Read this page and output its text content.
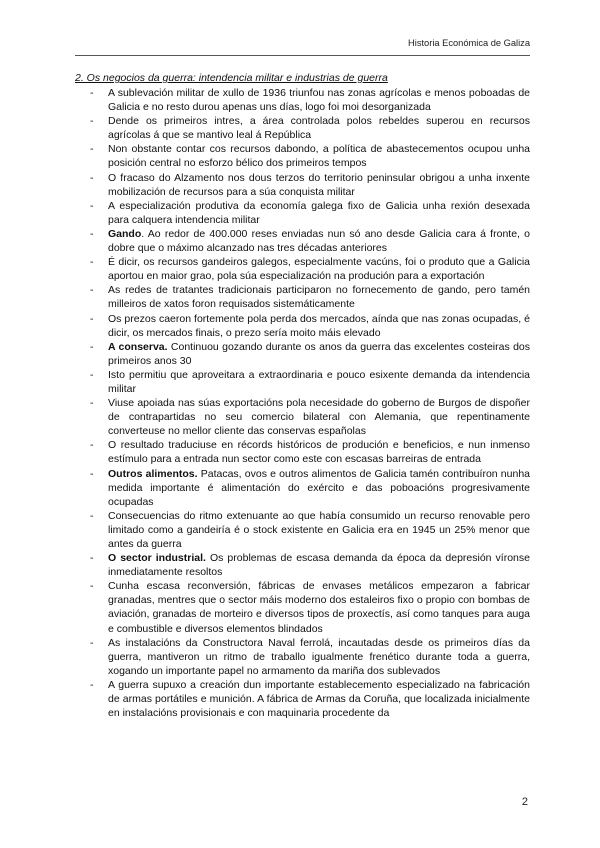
Historia Económica de Galiza
2. Os negocios da guerra: intendencia militar e industrias de guerra
- A sublevación militar de xullo de 1936 triunfou nas zonas agrícolas e menos poboadas de Galicia e no resto durou apenas uns días, logo foi moi desorganizada
- Dende os primeiros intres, a área controlada polos rebeldes superou en recursos agrícolas á que se mantivo leal á República
- Non obstante contar cos recursos dabondo, a política de abastecementos ocupou unha posición central no esforzo bélico dos primeiros tempos
- O fracaso do Alzamento nos dous terzos do territorio peninsular obrigou a unha inxente mobilización de recursos para a súa conquista militar
- A especialización produtiva da economía galega fixo de Galicia unha rexión desexada para calquera intendencia militar
- Gando. Ao redor de 400.000 reses enviadas nun só ano desde Galicia cara á fronte, o dobre que o máximo alcanzado nas tres décadas anteriores
- É dicir, os recursos gandeiros galegos, especialmente vacúns, foi o produto que a Galicia aportou en maior grao, pola súa especialización na produción para a exportación
- As redes de tratantes tradicionais participaron no fornecemento de gando, pero tamén milleiros de xatos foron requisados sistemáticamente
- Os prezos caeron fortemente pola perda dos mercados, aínda que nas zonas ocupadas, é dicir, os mercados finais, o prezo sería moito máis elevado
- A conserva. Continuou gozando durante os anos da guerra das excelentes costeiras dos primeiros anos 30
- Isto permitiu que aproveitara a extraordinaria e pouco esixente demanda da intendencia militar
- Viuse apoiada nas súas exportacións pola necesidade do goberno de Burgos de dispoñer de contrapartidas no seu comercio bilateral con Alemania, que repentinamente converteuse no mellor cliente das conservas españolas
- O resultado traduciuse en récords históricos de produción e beneficios, e nun inmenso estímulo para a entrada nun sector como este con escasas barreiras de entrada
- Outros alimentos. Patacas, ovos e outros alimentos de Galicia tamén contribuíron nunha medida importante é alimentación do exército e das poboacións progresivamente ocupadas
- Consecuencias do ritmo extenuante ao que había consumido un recurso renovable pero limitado como a gandeiría é o stock existente en Galicia era en 1945 un 25% menor que antes da guerra
- O sector industrial. Os problemas de escasa demanda da época da depresión víronse inmediatamente resoltos
- Cunha escasa reconversión, fábricas de envases metálicos empezaron a fabricar granadas, mentres que o sector máis moderno dos estaleiros fixo o propio con bombas de aviación, granadas de morteiro e diversos tipos de proxectís, así como tanques para auga e combustible e diversos elementos blindados
- As instalacións da Constructora Naval ferrolá, incautadas desde os primeiros días da guerra, mantiveron un ritmo de traballo igualmente frenético durante toda a guerra, xogando un importante papel no armamento da mariña dos sublevados
- A guerra supuxo a creación dun importante establecemento especializado na fabricación de armas portátiles e munición. A fábrica de Armas da Coruña, que localizada inicialmente en instalacións provisionais e con maquinaria procedente da
2
